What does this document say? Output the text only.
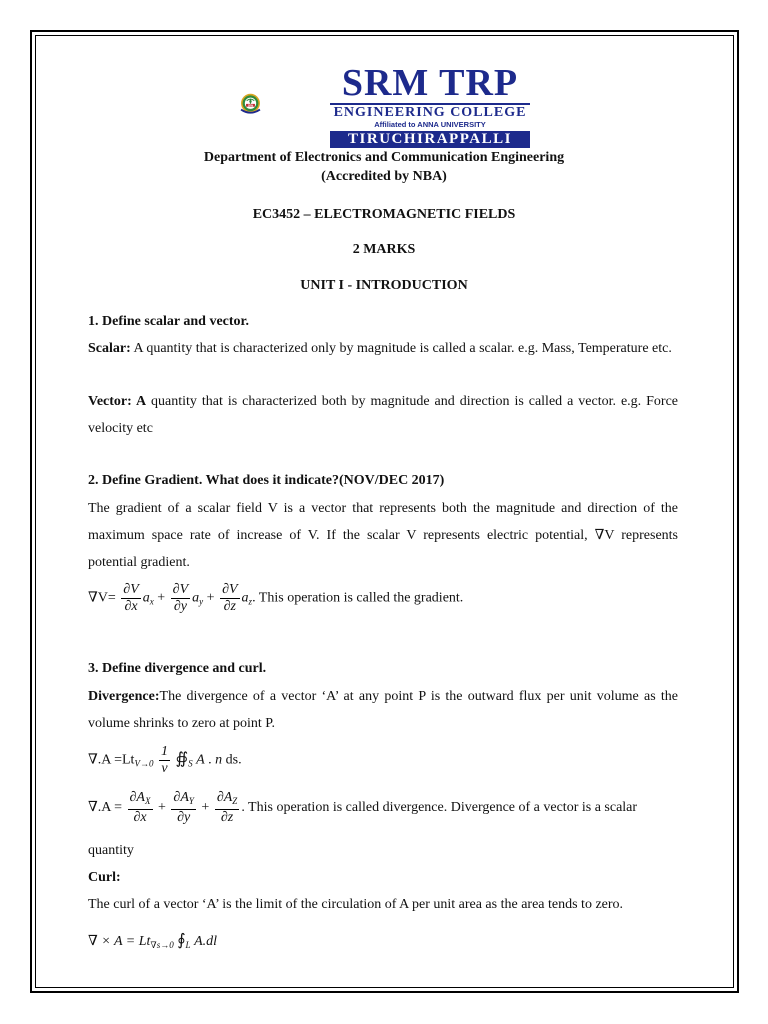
SRM
SRM TRP
ENGINEERING COLLEGE
Affiliated to ANNA UNIVERSITY
TIRUCHIRAPPALLI
Department of Electronics and Communication Engineering
(Accredited by NBA)
EC3452 – ELECTROMAGNETIC FIELDS
2 MARKS
UNIT I - INTRODUCTION
1. Define scalar and vector.
Scalar: A quantity that is characterized only by magnitude is called a scalar. e.g. Mass, Temperature etc.
Vector: A quantity that is characterized both by magnitude and direction is called a vector. e.g. Force velocity etc
2. Define Gradient. What does it indicate?(NOV/DEC 2017)
The gradient of a scalar field V is a vector that represents both the magnitude and direction of the maximum space rate of increase of V. If the scalar V represents electric potential, ∇V represents potential gradient.
$\nabla V= \frac{\partial V}{\partial x} a_x + \frac{\partial V}{\partial y} a_y + \frac{\partial V}{\partial z} a_z$. This operation is called the gradient.
3. Define divergence and curl.
Divergence:The divergence of a vector ‘A’ at any point P is the outward flux per unit volume as the volume shrinks to zero at point P.
$\nabla.A =Lt_{V\to 0} \frac{1}{v}$ $∯_S$ A . n ds.
$\nabla.A = \frac{\partial A_X}{\partial x} + \frac{\partial A_Y}{\partial y} + \frac{\partial A_Z}{\partial z}$ . This operation is called divergence. Divergence of a vector is a scalar
quantity
Curl:
The curl of a vector ‘A’ is the limit of the circulation of A per unit area as the area tends to zero.
∇ × $A = Lt_{\nabla s\to 0}$ $∮_L$ A.dl
